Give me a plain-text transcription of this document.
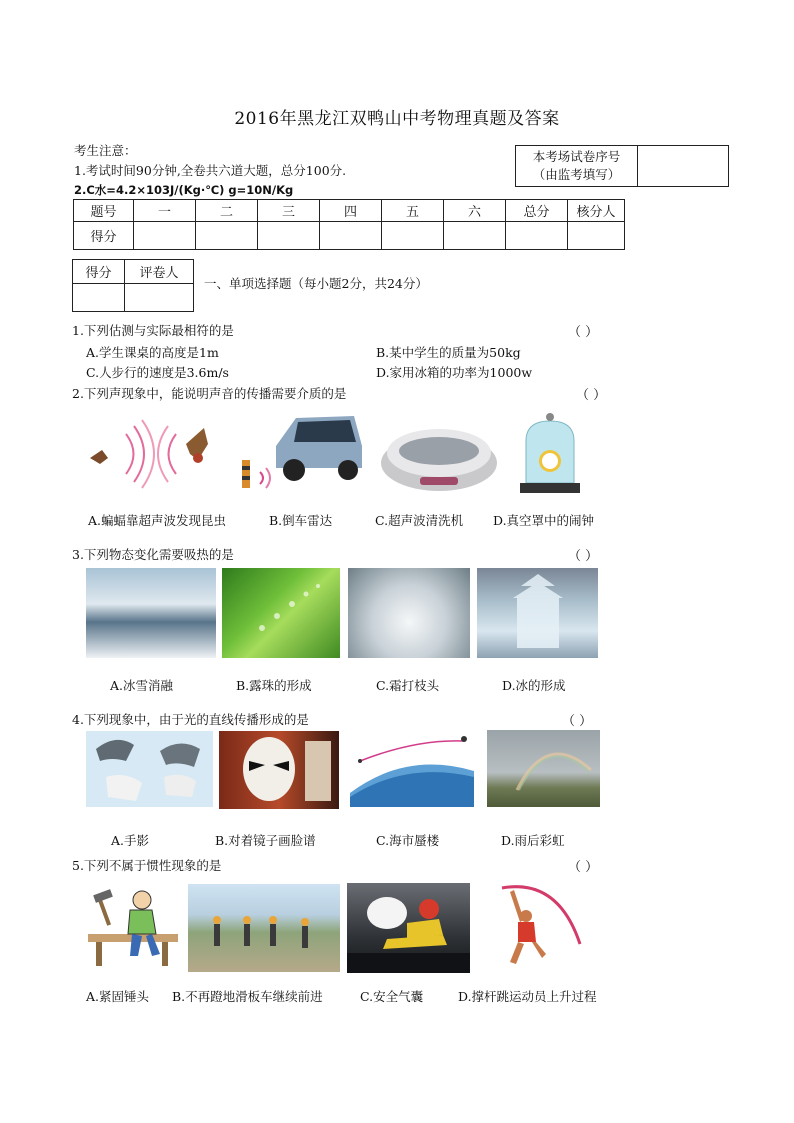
2016年黑龙江双鸭山中考物理真题及答案
考生注意：
1.考试时间90分钟,全卷共六道大题，总分100分.
2.C水=4.2×103J/(Kg·℃) g=10N/Kg
本考场试卷序号
（由监考填写）

题号	一	二	三	四	五	六	总分	核分人
得分								
得分	评卷人

一、单项选择题（每小题2分，共24分）
1.下列估测与实际最相符的是	（ ）
A.学生课桌的高度是1m	B.某中学生的质量为50kg
C.人步行的速度是3.6m/s	D.家用冰箱的功率为1000w
2.下列声现象中，能说明声音的传播需要介质的是	（ ）
A.蝙蝠靠超声波发现昆虫	B.倒车雷达	C.超声波清洗机 D.真空罩中的闹钟
3.下列物态变化需要吸热的是	（ ）
A.冰雪消融	B.露珠的形成	C.霜打枝头	D.冰的形成
4.下列现象中，由于光的直线传播形成的是	（ ）
A.手影	B.对着镜子画脸谱	C.海市蜃楼	D.雨后彩虹
5.下列不属于惯性现象的是	（ ）
A.紧固锤头 B.不再蹬地滑板车继续前进	C.安全气囊	D.撑杆跳运动员上升过程
